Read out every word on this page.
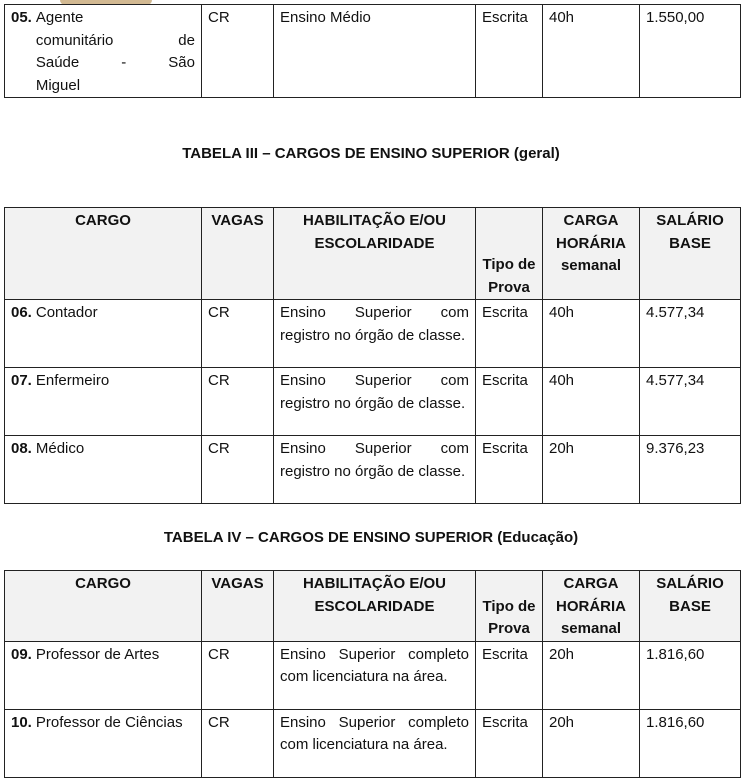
05. Agente
comunitário de
Saúde - São
Miguel
	CR	Ensino Médio	Escrita	40h	1.550,00
TABELA III – CARGOS DE ENSINO SUPERIOR (geral)
CARGO	VAGAS	HABILITAÇÃO E/OU ESCOLARIDADE	Tipo de Prova	CARGA HORÁRIA semanal	SALÁRIO BASE
06. Contador	CR	Ensino Superior com registro no órgão de classe.	Escrita	40h	4.577,34
07. Enfermeiro	CR	Ensino Superior com registro no órgão de classe.	Escrita	40h	4.577,34
08. Médico	CR	Ensino Superior com registro no órgão de classe.	Escrita	20h	9.376,23
TABELA IV – CARGOS DE ENSINO SUPERIOR (Educação)
CARGO	VAGAS	HABILITAÇÃO E/OU ESCOLARIDADE	Tipo de Prova	CARGA HORÁRIA semanal	SALÁRIO BASE

09. Professor de Artes	CR	Ensino Superior completo com licenciatura na área.	Escrita	20h	1.816,60

10. Professor de Ciências	CR	Ensino Superior completo com licenciatura na área.	Escrita	20h	1.816,60
